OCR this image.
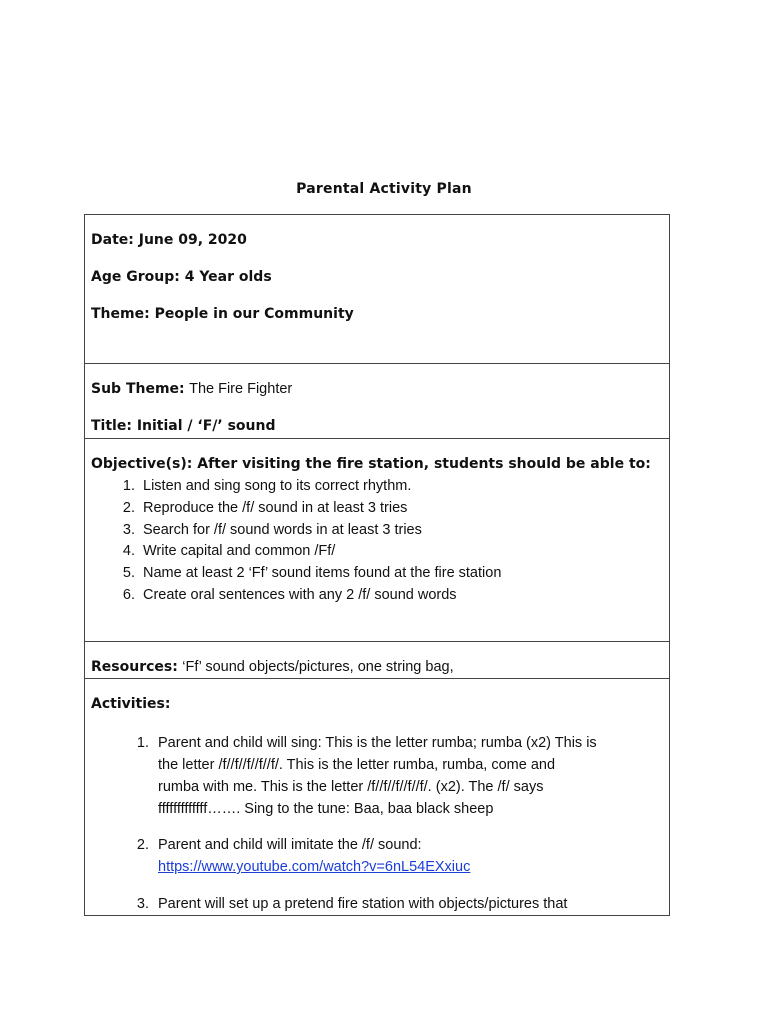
Parental Activity Plan
Date: June 09, 2020
Age Group: 4 Year olds
Theme: People in our Community
Sub Theme: The Fire Fighter
Title: Initial / ‘F/’ sound
Objective(s): After visiting the fire station, students should be able to:
1. Listen and sing song to its correct rhythm.
2. Reproduce the /f/ sound in at least 3 tries
3. Search for /f/ sound words in at least 3 tries
4. Write capital and common /Ff/
5. Name at least 2 ‘Ff’ sound items found at the fire station
6. Create oral sentences with any 2 /f/ sound words
Resources: ‘Ff’ sound objects/pictures, one string bag,
Activities:
1. Parent and child will sing: This is the letter rumba; rumba (x2) This is
the letter /f//f//f//f//f/. This is the letter rumba, rumba, come and
rumba with me. This is the letter /f//f//f//f//f/. (x2). The /f/ says
fffffffffffff……. Sing to the tune: Baa, baa black sheep
2. Parent and child will imitate the /f/ sound:
https://www.youtube.com/watch?v=6nL54EXxiuc
3. Parent will set up a pretend fire station with objects/pictures that
